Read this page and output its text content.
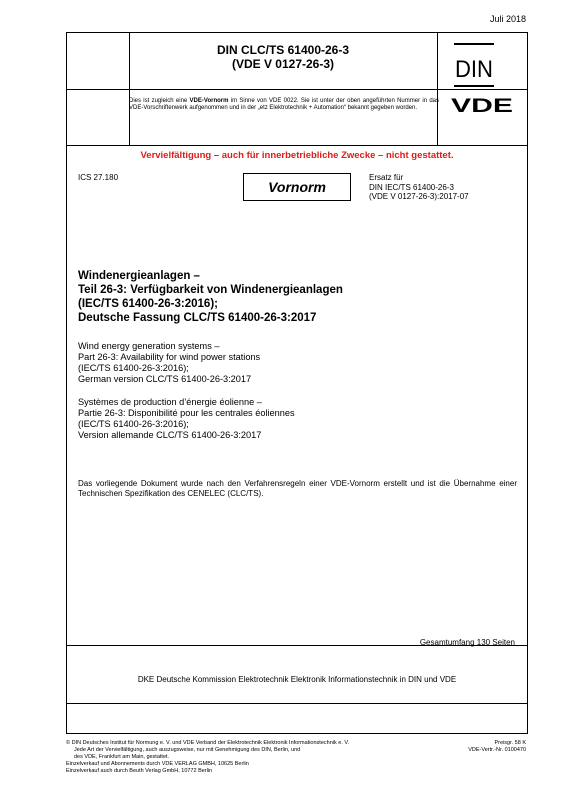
Juli 2018
DIN CLC/TS 61400-26-3
(VDE V 0127-26-3)	DIN
Dies ist zugleich eine VDE-Vornorm im Sinne von VDE 0022. Sie ist unter der oben angeführten Nummer in das VDE-Vorschriftenwerk aufgenommen und in der „etz Elektrotechnik + Automation“ bekannt gegeben worden.	VDE
Vervielfältigung – auch für innerbetriebliche Zwecke – nicht gestattet.
ICS 27.180
Vornorm
Ersatz für
DIN IEC/TS 61400-26-3
(VDE V 0127-26-3):2017-07
Windenergieanlagen –
Teil 26-3: Verfügbarkeit von Windenergieanlagen
(IEC/TS 61400-26-3:2016);
Deutsche Fassung CLC/TS 61400-26-3:2017
Wind energy generation systems –
Part 26-3: Availability for wind power stations
(IEC/TS 61400-26-3:2016);
German version CLC/TS 61400-26-3:2017
Systèmes de production d’énergie éolienne –
Partie 26-3: Disponibilité pour les centrales éoliennes
(IEC/TS 61400-26-3:2016);
Version allemande CLC/TS 61400-26-3:2017
Das vorliegende Dokument wurde nach den Verfahrensregeln einer VDE-Vornorm erstellt und ist die Übernahme einer Technischen Spezifikation des CENELEC (CLC/TS).
Gesamtumfang 130 Seiten
DKE Deutsche Kommission Elektrotechnik Elektronik Informationstechnik in DIN und VDE
© DIN Deutsches Institut für Normung e. V. und VDE Verband der Elektrotechnik Elektronik Informationstechnik e. V.
Jede Art der Vervielfältigung, auch auszugsweise, nur mit Genehmigung des DIN, Berlin, und
des VDE, Frankfurt am Main, gestattet.
Einzelverkauf und Abonnements durch VDE VERLAG GMBH, 10625 Berlin
Einzelverkauf auch durch Beuth Verlag GmbH, 10772 Berlin
Preisgr. 58 K
VDE-Vertr.-Nr. 0100470
